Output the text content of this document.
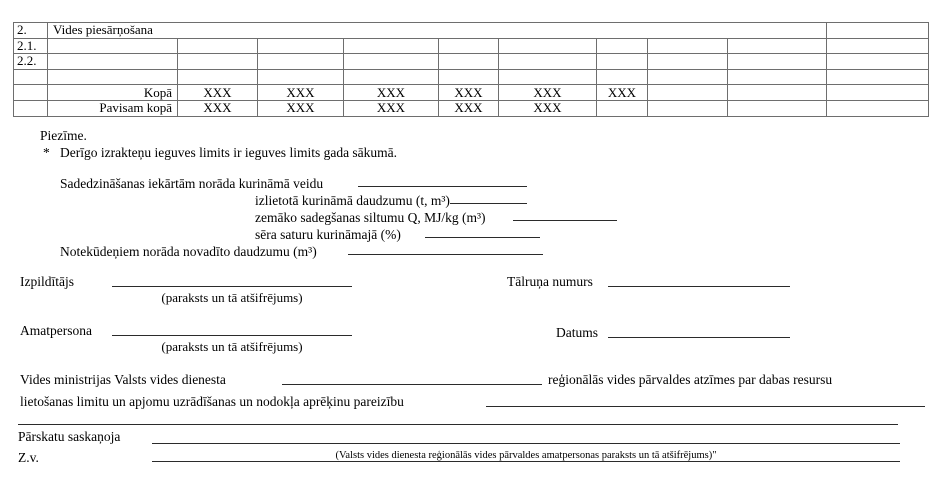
2.	Vides piesārņošana									
2.1.										
2.2.										

	Kopā	XXX	XXX	XXX	XXX	XXX	XXX			
	Pavisam kopā	XXX	XXX	XXX	XXX	XXX				
Piezīme.
* Derīgo izrakteņu ieguves limits ir ieguves limits gada sākumā.
Sadedzināšanas iekārtām norāda kurināmā veidu
izlietotā kurināmā daudzumu (t, m³)
zemāko sadegšanas siltumu Q, MJ/kg (m³)
sēra saturu kurināmajā (%)
Notekūdeņiem norāda novadīto daudzumu (m³)
Izpildītājs
(paraksts un tā atšifrējums)
Tālruņa numurs
Amatpersona
(paraksts un tā atšifrējums)
Datums
Vides ministrijas Valsts vides dienesta	reģionālās vides pārvaldes atzīmes par dabas resursu
lietošanas limitu un apjomu uzrādīšanas un nodokļa aprēķinu pareizību
Pārskatu saskaņoja
Z.v.	(Valsts vides dienesta reģionālās vides pārvaldes amatpersonas paraksts un tā atšifrējums)"
